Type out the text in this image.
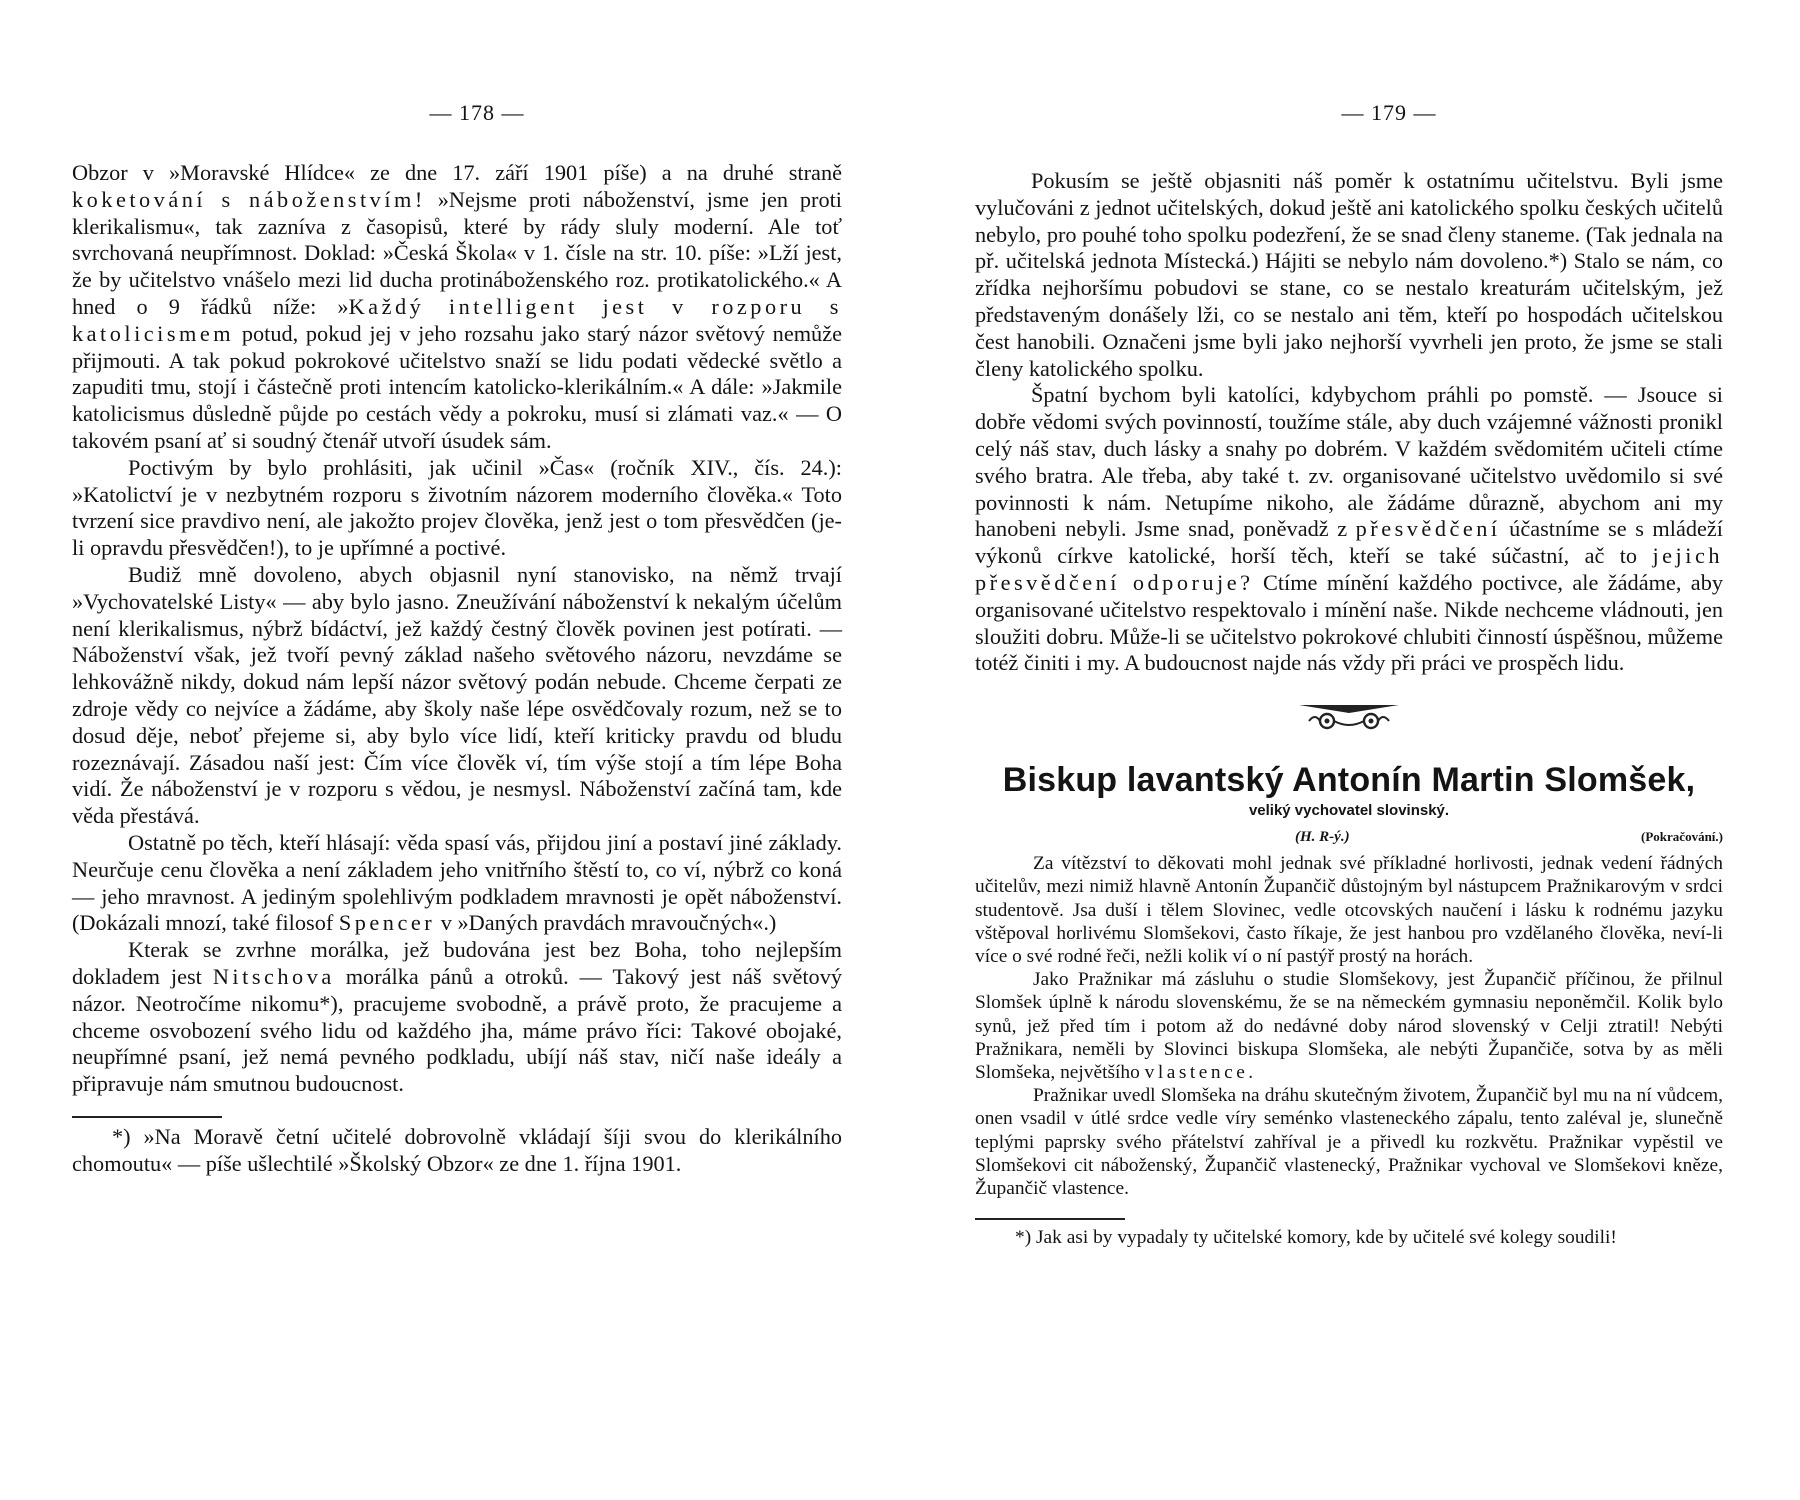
— 178 —

Obzor v »Moravské Hlídce« ze dne 17. září 1901 píše) a na druhé straně koketování s náboženstvím! »Nejsme proti náboženství, jsme jen proti klerikalismu«, tak zazníva z časopisů, které by rády sluly moderní. Ale toť svrchovaná neupřímnost. Doklad: »Česká Škola« v 1. čísle na str. 10. píše: »Lží jest, že by učitelstvo vnášelo mezi lid ducha protináboženského roz. protikatolického.« A hned o 9 řádků níže: »Každý intelligent jest v rozporu s katolicismem potud, pokud jej v jeho rozsahu jako starý názor světový nemůže přijmouti. A tak pokud pokrokové učitelstvo snaží se lidu podati vědecké světlo a zapuditi tmu, stojí i částečně proti intencím katolicko-klerikálním.« A dále: »Jakmile katolicismus důsledně půjde po cestách vědy a pokroku, musí si zlámati vaz.« — O takovém psaní ať si soudný čtenář utvoří úsudek sám.

Poctivým by bylo prohlásiti, jak učinil »Čas« (ročník XIV., čís. 24.): »Katolictví je v nezbytném rozporu s životním názorem moderního člověka.« Toto tvrzení sice pravdivo není, ale jakožto projev člověka, jenž jest o tom přesvědčen (je-li opravdu přesvědčen!), to je upřímné a poctivé.

Budiž mně dovoleno, abych objasnil nyní stanovisko, na němž trvají »Vychovatelské Listy« — aby bylo jasno. Zneužívání náboženství k nekalým účelům není klerikalismus, nýbrž bídáctví, jež každý čestný člověk povinen jest potírati. — Náboženství však, jež tvoří pevný základ našeho světového názoru, nevzdáme se lehkovážně nikdy, dokud nám lepší názor světový podán nebude. Chceme čerpati ze zdroje vědy co nejvíce a žádáme, aby školy naše lépe osvědčovaly rozum, než se to dosud děje, neboť přejeme si, aby bylo více lidí, kteří kriticky pravdu od bludu rozeznávají. Zásadou naší jest: Čím více člověk ví, tím výše stojí a tím lépe Boha vidí. Že náboženství je v rozporu s vědou, je nesmysl. Náboženství začíná tam, kde věda přestává.

Ostatně po těch, kteří hlásají: věda spasí vás, přijdou jiní a postaví jiné základy. Neurčuje cenu člověka a není základem jeho vnitřního štěstí to, co ví, nýbrž co koná — jeho mravnost. A jediným spolehlivým podkladem mravnosti je opět náboženství. (Dokázali mnozí, také filosof Spencer v »Daných pravdách mravoučných«.)

Kterak se zvrhne morálka, jež budována jest bez Boha, toho nejlepším dokladem jest Nitschova morálka pánů a otroků. — Takový jest náš světový názor. Neotročíme nikomu*), pracujeme svobodně, a právě proto, že pracujeme a chceme osvobození svého lidu od každého jha, máme právo říci: Takové obojaké, neupřímné psaní, jež nemá pevného podkladu, ubíjí náš stav, ničí naše ideály a připravuje nám smutnou budoucnost.

*) »Na Moravě četní učitelé dobrovolně vkládají šíji svou do klerikálního chomoutu« — píše ušlechtilé »Školský Obzor« ze dne 1. října 1901.

— 179 —

Pokusím se ještě objasniti náš poměr k ostatnímu učitelstvu. Byli jsme vylučováni z jednot učitelských, dokud ještě ani katolického spolku českých učitelů nebylo, pro pouhé toho spolku podezření, že se snad členy staneme. (Tak jednala na př. učitelská jednota Místecká.) Hájiti se nebylo nám dovoleno.*) Stalo se nám, co zřídka nejhoršímu pobudovi se stane, co se nestalo kreaturám učitelským, jež představeným donášely lži, co se nestalo ani těm, kteří po hospodách učitelskou čest hanobili. Označeni jsme byli jako nejhorší vyvrheli jen proto, že jsme se stali členy katolického spolku.

Špatní bychom byli katolíci, kdybychom práhli po pomstě. — Jsouce si dobře vědomi svých povinností, toužíme stále, aby duch vzájemné vážnosti pronikl celý náš stav, duch lásky a snahy po dobrém. V každém svědomitém učiteli ctíme svého bratra. Ale třeba, aby také t. zv. organisované učitelstvo uvědomilo si své povinnosti k nám. Netupíme nikoho, ale žádáme důrazně, abychom ani my hanobeni nebyli. Jsme snad, poněvadž z přesvědčení účastníme se s mládeží výkonů církve katolické, horší těch, kteří se také súčastní, ač to jejich přesvědčení odporuje? Ctíme mínění každého poctivce, ale žádáme, aby organisované učitelstvo respektovalo i mínění naše. Nikde nechceme vládnouti, jen sloužiti dobru. Může-li se učitelstvo pokrokové chlubiti činností úspěšnou, můžeme totéž činiti i my. A budoucnost najde nás vždy při práci ve prospěch lidu.

Biskup lavantský Antonín Martin Slomšek,
veliký vychovatel slovinský.
(H. R-ý.)	(Pokračování.)

Za vítězství to děkovati mohl jednak své příkladné horlivosti, jednak vedení řádných učitelův, mezi nimiž hlavně Antonín Župančič důstojným byl nástupcem Pražnikarovým v srdci studentově. Jsa duší i tělem Slovinec, vedle otcovských naučení i lásku k rodnému jazyku vštěpoval horlivému Slomšekovi, často říkaje, že jest hanbou pro vzdělaného člověka, neví-li více o své rodné řeči, nežli kolik ví o ní pastýř prostý na horách.

Jako Pražnikar má zásluhu o studie Slomšekovy, jest Župančič příčinou, že přilnul Slomšek úplně k národu slovenskému, že se na německém gymnasiu neponěmčil. Kolik bylo synů, jež před tím i potom až do nedávné doby národ slovenský v Celji ztratil! Nebýti Pražnikara, neměli by Slovinci biskupa Slomšeka, ale nebýti Župančiče, sotva by as měli Slomšeka, největšího vlastence.

Pražnikar uvedl Slomšeka na dráhu skutečným životem, Župančič byl mu na ní vůdcem, onen vsadil v útlé srdce vedle víry seménko vlasteneckého zápalu, tento zaléval je, slunečně teplými paprsky svého přátelství zahříval je a přivedl ku rozkvětu. Pražnikar vypěstil ve Slomšekovi cit náboženský, Župančič vlastenecký, Pražnikar vychoval ve Slomšekovi kněze, Župančič vlastence.

*) Jak asi by vypadaly ty učitelské komory, kde by učitelé své kolegy soudili!
